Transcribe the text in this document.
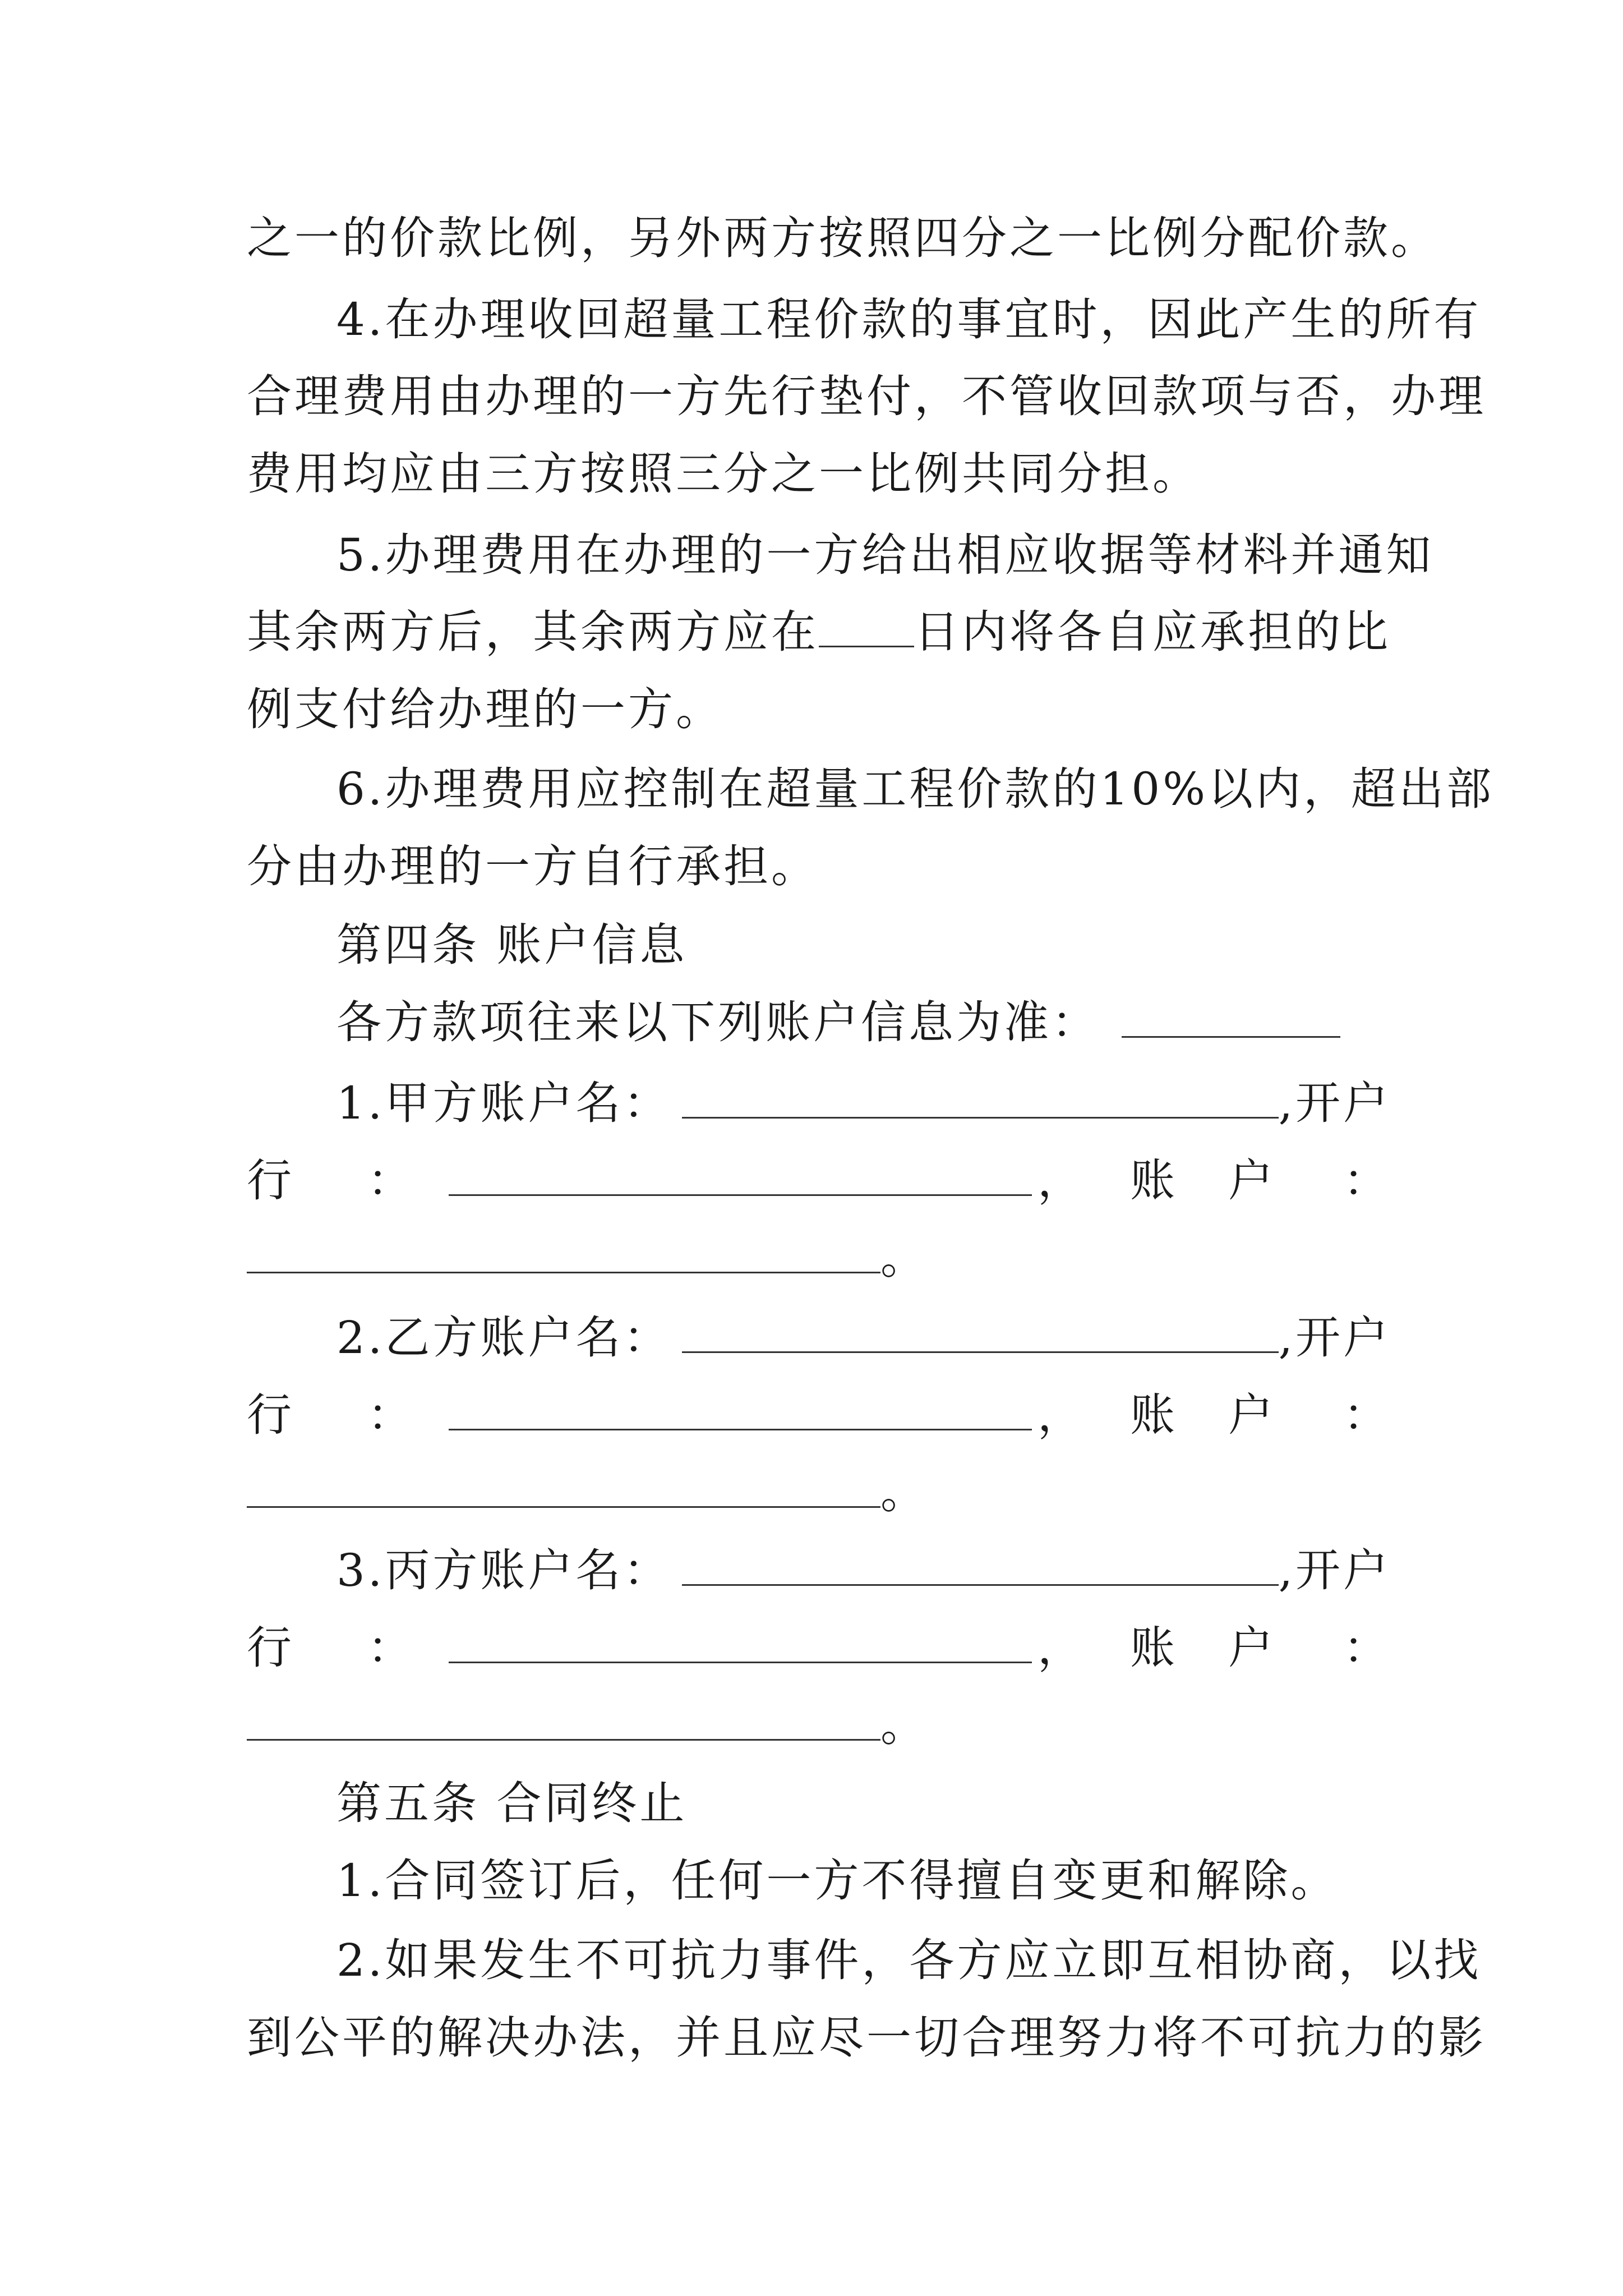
之一的价款比例，另外两方按照四分之一比例分配价款。
4.在办理收回超量工程价款的事宜时，因此产生的所有
合理费用由办理的一方先行垫付，不管收回款项与否，办理
费用均应由三方按照三分之一比例共同分担。
5.办理费用在办理的一方给出相应收据等材料并通知
其余两方后，其余两方应在 日内将各自应承担的比
例支付给办理的一方。
6.办理费用应控制在超量工程价款的10%以内，超出部
分由办理的一方自行承担。
第四条 账户信息
各方款项往来以下列账户信息为准：
1.甲方账户名：	,开户
行 ：	， 账 户 ：
。
2.乙方账户名：	,开户
行 ：	， 账 户 ：
。
3.丙方账户名：	,开户
行 ：	， 账 户 ：
。
第五条 合同终止
1.合同签订后，任何一方不得擅自变更和解除。
2.如果发生不可抗力事件，各方应立即互相协商，以找
到公平的解决办法，并且应尽一切合理努力将不可抗力的影
